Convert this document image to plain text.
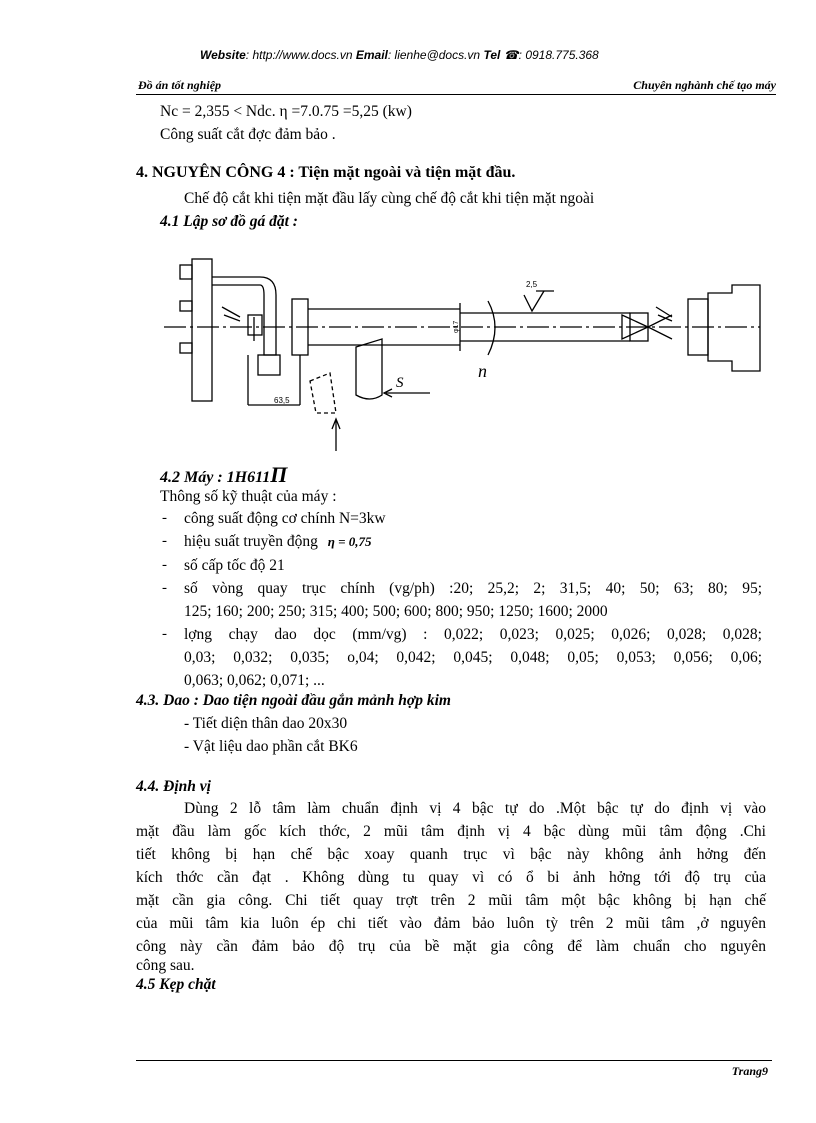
Website: http://www.docs.vn Email: lienhe@docs.vn Tel ☎: 0918.775.368
Đồ án tốt nghiệp	Chuyên nghành chế tạo máy
Nc = 2,355 < Ndc. η =7.0.75 =5,25 (kw)
Công suất cắt đợc đảm bảo .
4. NGUYÊN CÔNG 4 : Tiện mặt ngoài và tiện mặt đầu.
Chế độ cắt khi tiện mặt đầu lấy cùng chế độ cắt khi tiện mặt ngoài
4.1 Lập sơ đồ gá đặt :
63,5
S
n
2,5
φ17
4.2 Máy : 1H611Π
Thông số kỹ thuật của máy :
- công suất động cơ chính N=3kw
- hiệu suất truyền động η = 0,75
- số cấp tốc độ 21
- số vòng quay trục chính (vg/ph) :20; 25,2; 2; 31,5; 40; 50; 63; 80; 95;
125; 160; 200; 250; 315; 400; 500; 600; 800; 950; 1250; 1600; 2000
- lợng chạy dao dọc (mm/vg) : 0,022; 0,023; 0,025; 0,026; 0,028; 0,028;
0,03; 0,032; 0,035; o,04; 0,042; 0,045; 0,048; 0,05; 0,053; 0,056; 0,06;
0,063; 0,062; 0,071; ...
4.3. Dao : Dao tiện ngoài đầu gắn mảnh hợp kim
- Tiết diện thân dao 20x30
- Vật liệu dao phần cắt BK6
4.4. Định vị
Dùng 2 lỗ tâm làm chuẩn định vị 4 bậc tự do .Một bậc tự do định vị vào
mặt đầu làm gốc kích thớc, 2 mũi tâm định vị 4 bậc dùng mũi tâm động .Chi
tiết không bị hạn chế bậc xoay quanh trục vì bậc này không ảnh hởng đến
kích thớc cần đạt . Không dùng tu quay vì có ổ bi ảnh hởng tới độ trụ của
mặt cần gia công. Chi tiết quay trợt trên 2 mũi tâm một bậc không bị hạn chế
của mũi tâm kia luôn ép chi tiết vào đảm bảo luôn tỳ trên 2 mũi tâm ,ở nguyên
công này cần đảm bảo độ trụ của bề mặt gia công để làm chuẩn cho nguyên
công sau.
4.5 Kẹp chặt
Trang9
